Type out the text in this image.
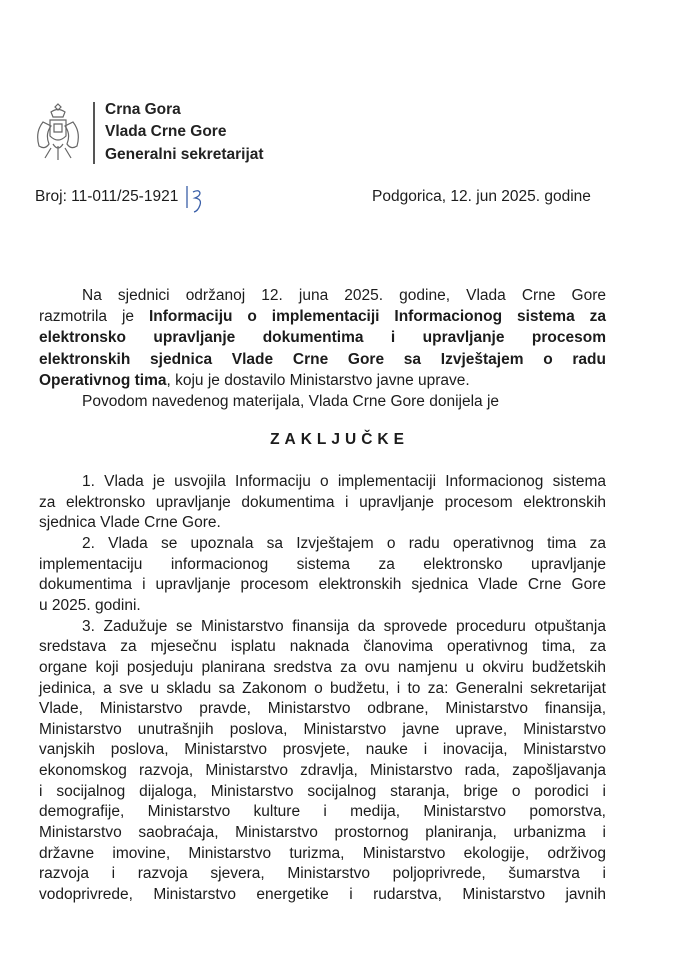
Crna Gora
Vlada Crne Gore
Generalni sekretarijat
Broj: 11-011/25-1921	Podgorica, 12. jun 2025. godine
Na sjednici održanoj 12. juna 2025. godine, Vlada Crne Gore
razmotrila je Informaciju o implementaciji Informacionog sistema za
elektronsko upravljanje dokumentima i upravljanje procesom
elektronskih sjednica Vlade Crne Gore sa Izvještajem o radu
Operativnog tima, koju je dostavilo Ministarstvo javne uprave.
Povodom navedenog materijala, Vlada Crne Gore donijela je
ZAKLJUČKE
1. Vlada je usvojila Informaciju o implementaciji Informacionog sistema
za elektronsko upravljanje dokumentima i upravljanje procesom elektronskih
sjednica Vlade Crne Gore.
2. Vlada se upoznala sa Izvještajem o radu operativnog tima za
implementaciju informacionog sistema za elektronsko upravljanje
dokumentima i upravljanje procesom elektronskih sjednica Vlade Crne Gore
u 2025. godini.
3. Zadužuje se Ministarstvo finansija da sprovede proceduru otpuštanja
sredstava za mjesečnu isplatu naknada članovima operativnog tima, za
organe koji posjeduju planirana sredstva za ovu namjenu u okviru budžetskih
jedinica, a sve u skladu sa Zakonom o budžetu, i to za: Generalni sekretarijat
Vlade, Ministarstvo pravde, Ministarstvo odbrane, Ministarstvo finansija,
Ministarstvo unutrašnjih poslova, Ministarstvo javne uprave, Ministarstvo
vanjskih poslova, Ministarstvo prosvjete, nauke i inovacija, Ministarstvo
ekonomskog razvoja, Ministarstvo zdravlja, Ministarstvo rada, zapošljavanja
i socijalnog dijaloga, Ministarstvo socijalnog staranja, brige o porodici i
demografije, Ministarstvo kulture i medija, Ministarstvo pomorstva,
Ministarstvo saobraćaja, Ministarstvo prostornog planiranja, urbanizma i
državne imovine, Ministarstvo turizma, Ministarstvo ekologije, održivog
razvoja i razvoja sjevera, Ministarstvo poljoprivrede, šumarstva i
vodoprivrede, Ministarstvo energetike i rudarstva, Ministarstvo javnih
